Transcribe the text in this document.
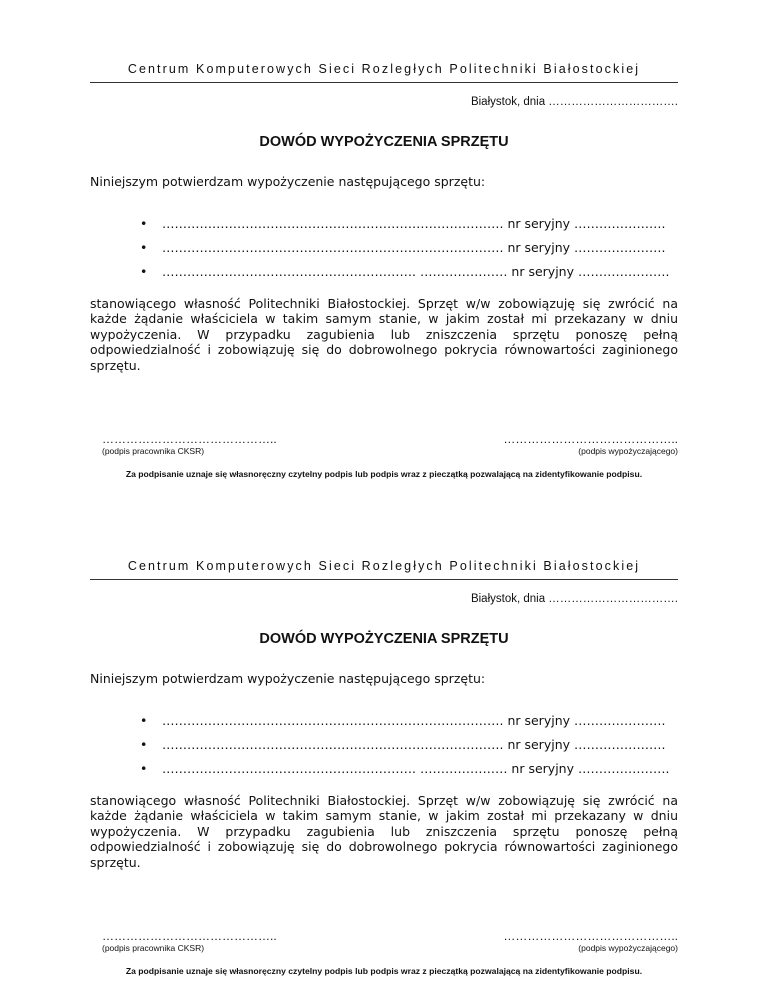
Centrum Komputerowych Sieci Rozległych Politechniki Białostockiej
Białystok, dnia …………………………….
DOWÓD WYPOŻYCZENIA SPRZĘTU
Niniejszym potwierdzam wypożyczenie następującego sprzętu:
• ………………………………………………………………………. nr seryjny ………………….
• ………………………………………………………………………. nr seryjny ………………….
• ……………………………………………………. ………………… nr seryjny ………………….
stanowiącego własność Politechniki Białostockiej. Sprzęt w/w zobowiązuję się zwrócić na każde żądanie właściciela w takim samym stanie, w jakim został mi przekazany w dniu wypożyczenia. W przypadku zagubienia lub zniszczenia sprzętu ponoszę pełną odpowiedzialność i zobowiązuję się do dobrowolnego pokrycia równowartości zaginionego sprzętu.
……………………………………..
(podpis pracownika CKSR)
……………………………………..
(podpis wypożyczającego)
Za podpisanie uznaje się własnoręczny czytelny podpis lub podpis wraz z pieczątką pozwalającą na zidentyfikowanie podpisu.
Centrum Komputerowych Sieci Rozległych Politechniki Białostockiej
Białystok, dnia …………………………….
DOWÓD WYPOŻYCZENIA SPRZĘTU
Niniejszym potwierdzam wypożyczenie następującego sprzętu:
• ………………………………………………………………………. nr seryjny ………………….
• ………………………………………………………………………. nr seryjny ………………….
• ……………………………………………………. ………………… nr seryjny ………………….
stanowiącego własność Politechniki Białostockiej. Sprzęt w/w zobowiązuję się zwrócić na każde żądanie właściciela w takim samym stanie, w jakim został mi przekazany w dniu wypożyczenia. W przypadku zagubienia lub zniszczenia sprzętu ponoszę pełną odpowiedzialność i zobowiązuję się do dobrowolnego pokrycia równowartości zaginionego sprzętu.
……………………………………..
(podpis pracownika CKSR)
……………………………………..
(podpis wypożyczającego)
Za podpisanie uznaje się własnoręczny czytelny podpis lub podpis wraz z pieczątką pozwalającą na zidentyfikowanie podpisu.
